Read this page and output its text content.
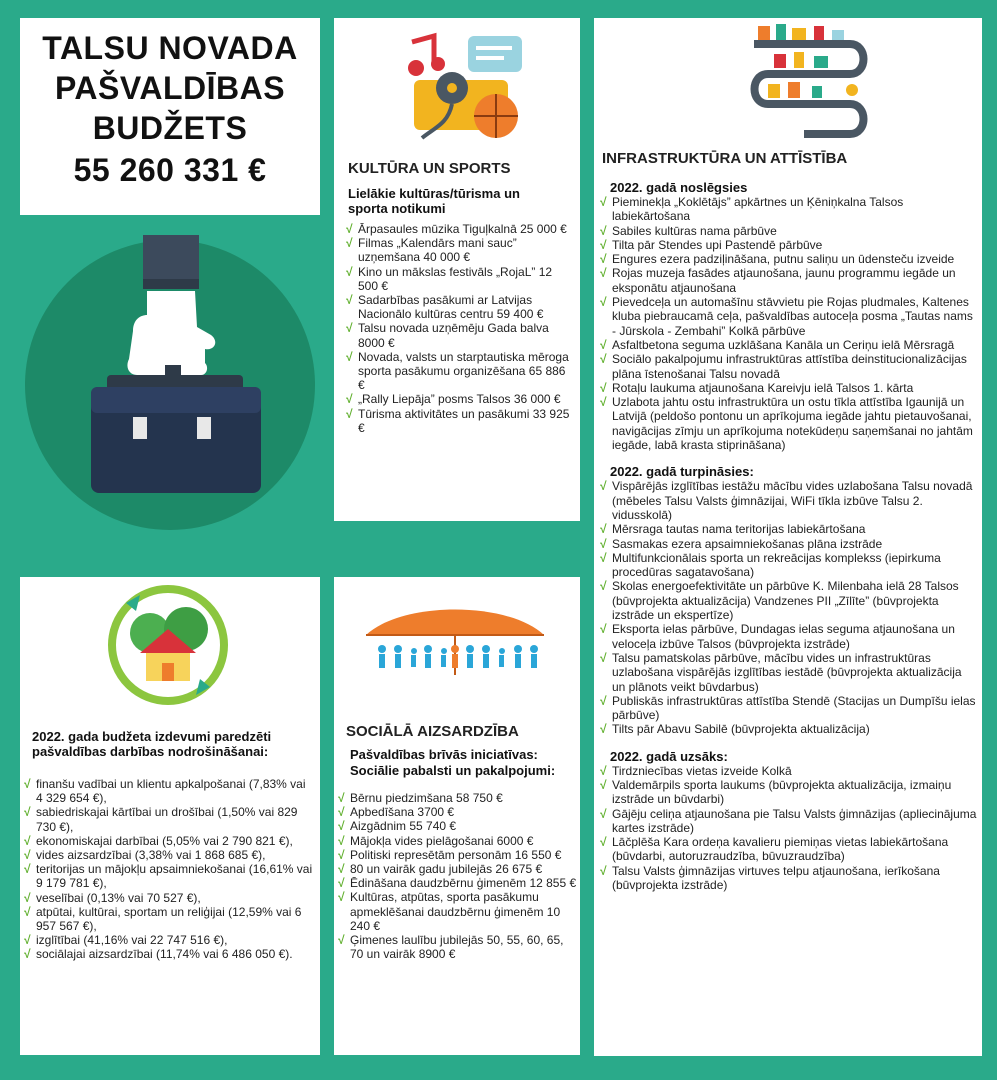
TALSU NOVADA
PAŠVALDĪBAS
BUDŽETS
55 260 331 €	KULTŪRA UN SPORTS
Lielākie kultūras/tūrisma un sporta notikumi
√ Ārpasaules mūzika Tiguļkalnā 25 000 €
√ Filmas „Kalendārs mani sauc” uzņemšana 40 000 €
√ Kino un mākslas festivāls „RojaL” 12 500 €
√ Sadarbības pasākumi ar Latvijas Nacionālo kultūras centru 59 400 €
√ Talsu novada uzņēmēju Gada balva 8000 €
√ Novada, valsts un starptautiska mēroga sporta pasākumu organizēšana 65 886 €
√ „Rally Liepāja” posms Talsos 36 000 €
√ Tūrisma aktivitātes un pasākumi 33 925 €
INFRASTRUKTŪRA UN ATTĪSTĪBA
2022. gadā noslēgsies
√ Pieminekļa „Koklētājs” apkārtnes un Ķēniņkalna Talsos labiekārtošana
√ Sabiles kultūras nama pārbūve
√ Tilta pār Stendes upi Pastendē pārbūve
√ Engures ezera padziļināšana, putnu saliņu un ūdensteču izveide
√ Rojas muzeja fasādes atjaunošana, jaunu programmu iegāde un eksponātu atjaunošana
√ Pievedceļa un automašīnu stāvvietu pie Rojas pludmales, Kaltenes kluba piebraucamā ceļa, pašvaldības autoceļa posma „Tautas nams - Jūrskola - Zembahi” Kolkā pārbūve
√ Asfaltbetona seguma uzklāšana Kanāla un Ceriņu ielā Mērsragā
√ Sociālo pakalpojumu infrastruktūras attīstība deinstitucionalizācijas plāna īstenošanai Talsu novadā
√ Rotaļu laukuma atjaunošana Kareivju ielā Talsos 1. kārta
√ Uzlabota jahtu ostu infrastruktūra un ostu tīkla attīstība Igaunijā un Latvijā (peldošo pontonu un aprīkojuma iegāde jahtu pietauvošanai, navigācijas zīmju un aprīkojuma notekūdeņu saņemšanai no jahtām iegāde, labā krasta stiprināšana)
2022. gadā turpināsies:
√ Vispārējās izglītības iestāžu mācību vides uzlabošana Talsu novadā (mēbeles Talsu Valsts ģimnāzijai, WiFi tīkla izbūve Talsu 2. vidusskolā)
√ Mērsraga tautas nama teritorijas labiekārtošana
√ Sasmakas ezera apsaimniekošanas plāna izstrāde
√ Multifunkcionālais sporta un rekreācijas komplekss (iepirkuma procedūras sagatavošana)
√ Skolas energoefektivitāte un pārbūve K. Milenbaha ielā 28 Talsos (būvprojekta aktualizācija) Vandzenes PII „Zīlīte” (būvprojekta izstrāde un ekspertīze)
√ Eksporta ielas pārbūve, Dundagas ielas seguma atjaunošana un veloceļa izbūve Talsos (būvprojekta izstrāde)
√ Talsu pamatskolas pārbūve, mācību vides un infrastruktūras uzlabošana vispārējās izglītības iestādē (būvprojekta aktualizācija un plānots veikt būvdarbus)
√ Publiskās infrastruktūras attīstība Stendē (Stacijas un Dumpīšu ielas pārbūve)
√ Tilts pār Abavu Sabilē (būvprojekta aktualizācija)
2022. gadā uzsāks:
√ Tirdzniecības vietas izveide Kolkā
√ Valdemārpils sporta laukums (būvprojekta aktualizācija, izmaiņu izstrāde un būvdarbi)
√ Gājēju celiņa atjaunošana pie Talsu Valsts ģimnāzijas (apliecinājuma kartes izstrāde)
√ Lāčplēša Kara ordeņa kavalieru piemiņas vietas labiekārtošana (būvdarbi, autoruzraudzība, būvuzraudzība)
√ Talsu Valsts ģimnāzijas virtuves telpu atjaunošana, ierīkošana (būvprojekta izstrāde)
2022. gada budžeta izdevumi paredzēti pašvaldības darbības nodrošināšanai:
√ finanšu vadībai un klientu apkalpošanai (7,83% vai 4 329 654 €),
√ sabiedriskajai kārtībai un drošībai (1,50% vai 829 730 €),
√ ekonomiskajai darbībai (5,05% vai 2 790 821 €),
√ vides aizsardzībai (3,38% vai 1 868 685 €),
√ teritorijas un mājokļu apsaimniekošanai (16,61% vai 9 179 781 €),
√ veselībai (0,13% vai 70 527 €),
√ atpūtai, kultūrai, sportam un reliģijai (12,59% vai 6 957 567 €),
√ izglītībai (41,16% vai 22 747 516 €),
√ sociālajai aizsardzībai (11,74% vai 6 486 050 €).
SOCIĀLĀ AIZSARDZĪBA
Pašvaldības brīvās iniciatīvas:
Sociālie pabalsti un pakalpojumi:
√ Bērnu piedzimšana 58 750 €
√ Apbedīšana 3700 €
√ Aizgādnim 55 740 €
√ Mājokļa vides pielāgošanai 6000 €
√ Politiski represētām personām 16 550 €
√ 80 un vairāk gadu jubilejās 26 675 €
√ Ēdināšana daudzbērnu ģimenēm 12 855 €
√ Kultūras, atpūtas, sporta pasākumu apmeklēšanai daudzbērnu ģimenēm 10 240 €
√ Ģimenes laulību jubilejās 50, 55, 60, 65, 70 un vairāk 8900 €
